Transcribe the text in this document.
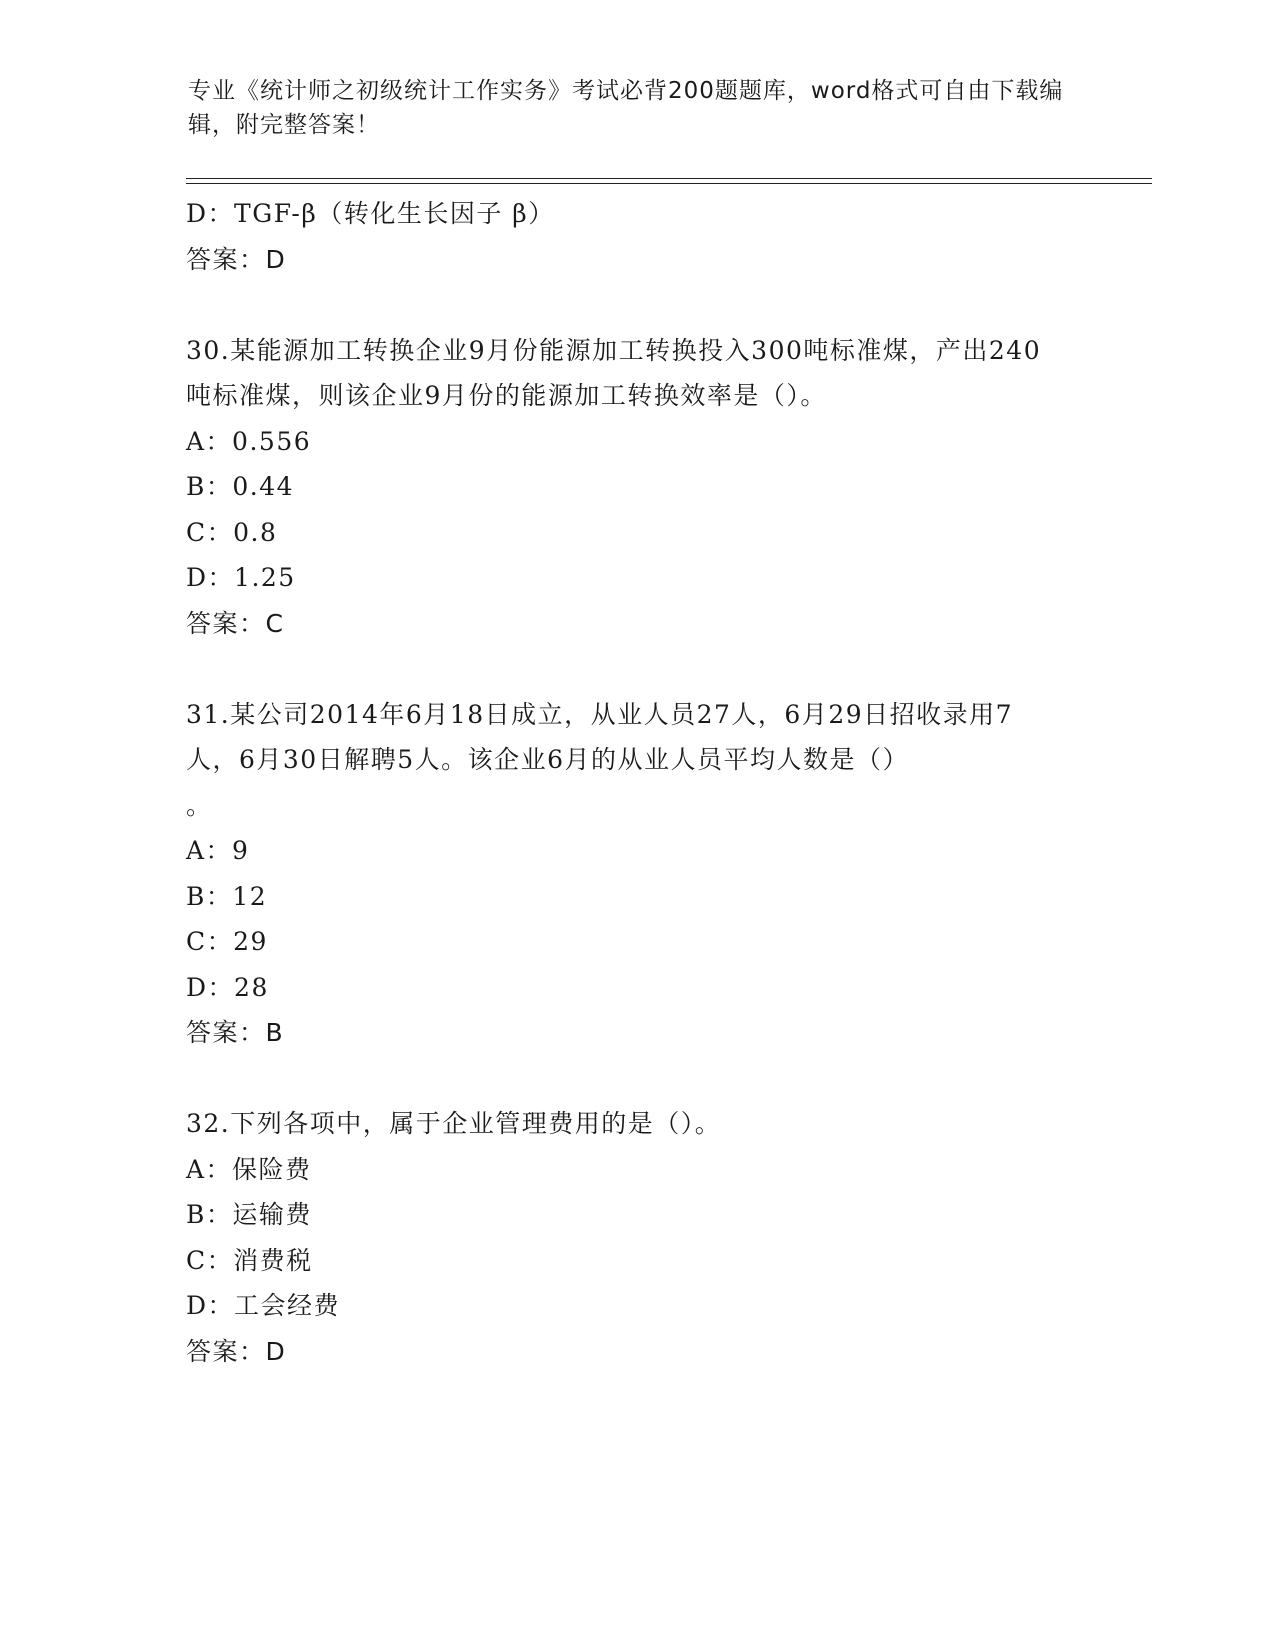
专业《统计师之初级统计工作实务》考试必背200题题库，word格式可自由下载编辑，附完整答案！
D：TGF-β（转化生长因子 β）
答案：D
30.某能源加工转换企业9月份能源加工转换投入300吨标准煤，产出240吨标准煤，则该企业9月份的能源加工转换效率是（）。
A：0.556
B：0.44
C：0.8
D：1.25
答案：C
31.某公司2014年6月18日成立，从业人员27人，6月29日招收录用7人，6月30日解聘5人。该企业6月的从业人员平均人数是（）
。
A：9
B：12
C：29
D：28
答案：B
32.下列各项中，属于企业管理费用的是（）。
A：保险费
B：运输费
C：消费税
D：工会经费
答案：D
